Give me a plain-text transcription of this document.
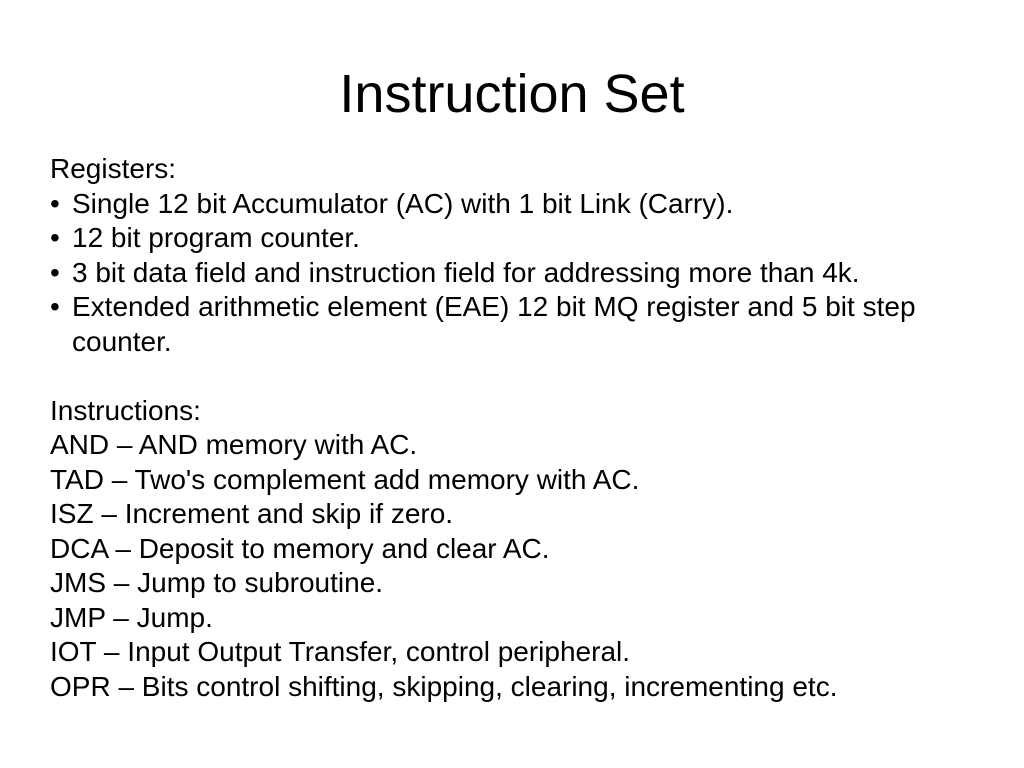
Instruction Set
Registers:
• Single 12 bit Accumulator (AC) with 1 bit Link (Carry).
• 12 bit program counter.
• 3 bit data field and instruction field for addressing more than 4k.
• Extended arithmetic element (EAE) 12 bit MQ register and 5 bit step counter.
Instructions:
AND – AND memory with AC.
TAD – Two's complement add memory with AC.
ISZ – Increment and skip if zero.
DCA – Deposit to memory and clear AC.
JMS – Jump to subroutine.
JMP – Jump.
IOT – Input Output Transfer, control peripheral.
OPR – Bits control shifting, skipping, clearing, incrementing etc.
